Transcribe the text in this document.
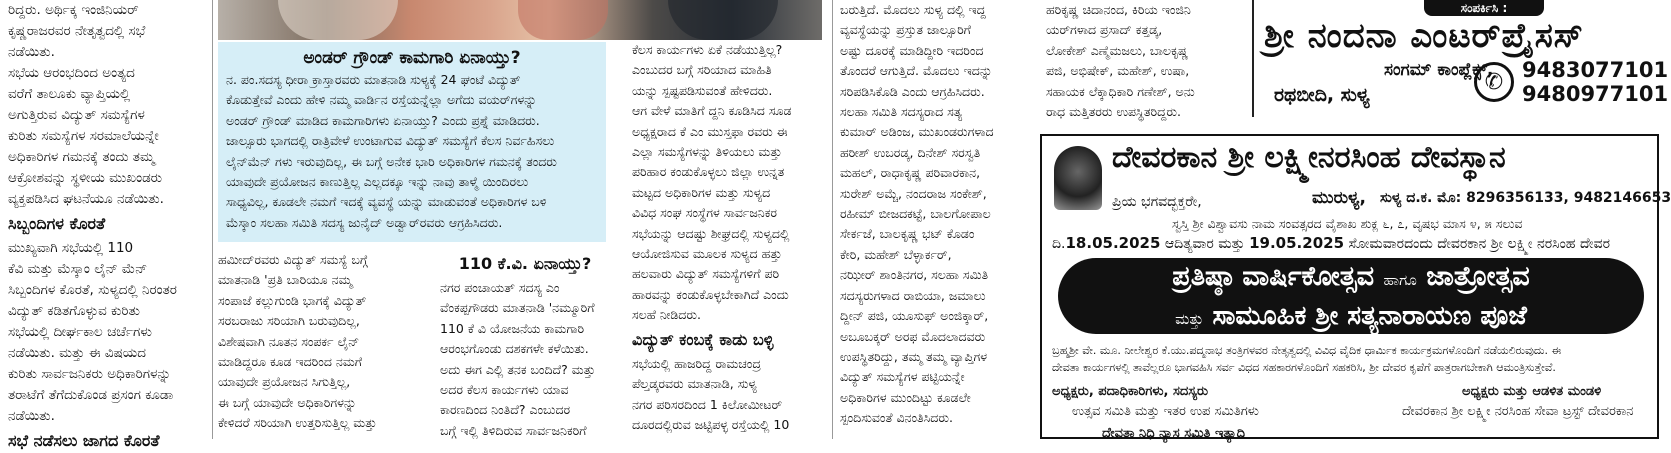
ರಿದ್ದರು. ಅರ್ಥಿಕ್ಕ ಇಂಜಿನಿಯರ್
ಕೃಷ್ಣರಾಜರವರ ನೇತೃತ್ವದಲ್ಲಿ ಸಭೆ
ನಡೆಯಿತು.
ಸಭೆಯ ಆರಂಭದಿಂದ ಅಂತ್ಯದ
ವರೆಗೆ ತಾಲೂಕು ವ್ಯಾಪ್ತಿಯಲ್ಲಿ
ಅಗುತ್ತಿರುವ ವಿದ್ಯುತ್ ಸಮಸ್ಯೆಗಳ
ಕುರಿತು ಸಮಸ್ಯೆಗಳ ಸರಮಾಲೆಯನ್ನೇ
ಅಧಿಕಾರಿಗಳ ಗಮನಕ್ಕೆ ತಂದು ತಮ್ಮ
ಆಕ್ರೋಶವನ್ನು ಸ್ಥಳೀಯ ಮುಖಂಡರು
ವ್ಯಕ್ತಪಡಿಸಿದ ಘಟನೆಯೂ ನಡೆಯಿತು.
ಸಿಬ್ಬಂದಿಗಳ ಕೊರತೆ
ಮುಖ್ಯವಾಗಿ ಸಭೆಯಲ್ಲಿ 110
ಕೆವಿ ಮತ್ತು ಮೆಸ್ಕಾಂ ಲೈನ್ ಮೆನ್
ಸಿಬ್ಬಂದಿಗಳ ಕೊರತೆ, ಸುಳ್ಯದಲ್ಲಿ ನಿರಂತರ
ವಿದ್ಯುತ್ ಕಡಿತಗೊಳ್ಳುವ ಕುರಿತು
ಸಭೆಯಲ್ಲಿ ದೀರ್ಘಕಾಲ ಚರ್ಚೆಗಳು
ನಡೆಯಿತು. ಮತ್ತು ಈ ವಿಷಯದ
ಕುರಿತು ಸಾರ್ವಜನಿಕರು ಅಧಿಕಾರಿಗಳನ್ನು
ತರಾಟೆಗೆ ತೆಗೆದುಕೊಂಡ ಪ್ರಸಂಗ ಕೂಡಾ
ನಡೆಯಿತು.
ಸಭೆ ನಡೆಸಲು ಜಾಗದ ಕೊರತೆ
ಅಂಡರ್ ಗ್ರೌಂಡ್ ಕಾಮಗಾರಿ ಏನಾಯ್ತು?
ನ. ಪಂ.ಸದಸ್ಯ ಧೀರಾ ಕ್ರಾಸ್ತಾರವರು ಮಾತನಾಡಿ ಸುಳ್ಯಕ್ಕೆ 24 ಘಂಟೆ ವಿದ್ಯುತ್
ಕೊಡುತ್ತೇವೆ ಎಂದು ಹೇಳಿ ನಮ್ಮ ವಾರ್ಡಿನ ರಸ್ತೆಯನ್ನೆಲ್ಲಾ ಅಗೆದು ವಯರ್‌ಗಳನ್ನು
ಅಂಡರ್ ಗ್ರೌಂಡ್ ಮಾಡಿದ ಕಾಮಗಾರಿಗಳು ಏನಾಯ್ತು? ಎಂದು ಪ್ರಶ್ನೆ ಮಾಡಿದರು.
ಜಾಲ್ಸೂರು ಭಾಗದಲ್ಲಿ ರಾತ್ರಿವೇಳೆ ಉಂಟಾಗುವ ವಿದ್ಯುತ್ ಸಮಸ್ಯೆಗೆ ಕೆಲಸ ನಿರ್ವಹಿಸಲು
ಲೈನ್‌ಮೆನ್ ಗಳು ಇರುವುದಿಲ್ಲ, ಈ ಬಗ್ಗೆ ಅನೇಕ ಭಾರಿ ಅಧಿಕಾರಿಗಳ ಗಮನಕ್ಕೆ ತಂದರು
ಯಾವುದೇ ಪ್ರಯೋಜನ ಕಾಣುತ್ತಿಲ್ಲ ಎಲ್ಲದಕ್ಕೂ ಇನ್ನು ನಾವು ತಾಳ್ಮೆ ಯಿಂದಿರಲು
ಸಾಧ್ಯವಿಲ್ಲ, ಕೂಡಲೇ ನಮಗೆ ಇದಕ್ಕೆ ವ್ಯವಸ್ಥೆ ಯನ್ನು ಮಾಡುವಂತೆ ಅಧಿಕಾರಿಗಳ ಬಳಿ
ಮೆಸ್ಕಾಂ ಸಲಹಾ ಸಮಿತಿ ಸದಸ್ಯ ಜುನೈದ್ ಅಡ್ವಾರ್‌ರವರು ಆಗ್ರಹಿಸಿದರು.
ಹಮೀದ್‌ರವರು ವಿದ್ಯುತ್ ಸಮಸ್ಯೆ ಬಗ್ಗೆ
ಮಾತನಾಡಿ 'ಪ್ರತಿ ಬಾರಿಯೂ ನಮ್ಮ
ಸಂಪಾಜೆ ಕಲ್ಲುಗುಂಡಿ ಭಾಗಕ್ಕೆ ವಿದ್ಯುತ್
ಸರಬರಾಜು ಸರಿಯಾಗಿ ಬರುವುದಿಲ್ಲ,
ವಿಶೇಷವಾಗಿ ನೂತನ ಸಂಪರ್ಕ ಲೈನ್
ಮಾಡಿದ್ದರೂ ಕೂಡ ಇದರಿಂದ ನಮಗೆ
ಯಾವುದೇ ಪ್ರಯೋಜನ ಸಿಗುತ್ತಿಲ್ಲ,
ಈ ಬಗ್ಗೆ ಯಾವುದೇ ಅಧಿಕಾರಿಗಳನ್ನು
ಕೇಳಿದರೆ ಸರಿಯಾಗಿ ಉತ್ತರಿಸುತ್ತಿಲ್ಲ ಮತ್ತು
110 ಕೆ.ವಿ. ಏನಾಯ್ತು?
ನಗರ ಪಂಚಾಯತ್ ಸದಸ್ಯ ಎಂ
ವೆಂಕಪ್ಪಗೌಡರು ಮಾತನಾಡಿ 'ನಮ್ಮೂರಿಗೆ
110 ಕೆ ವಿ ಯೋಜನೆಯ ಕಾಮಗಾರಿ
ಆರಂಭಗೊಂಡು ದಶಕಗಳೇ ಕಳೆಯಿತು.
ಅದು ಈಗ ಎಲ್ಲಿ ತನಕ ಬಂದಿದೆ? ಮತ್ತು
ಅದರ ಕೆಲಸ ಕಾರ್ಯಗಳು ಯಾವ
ಕಾರಣದಿಂದ ನಿಂತಿದೆ? ಎಂಬುದರ
ಬಗ್ಗೆ ಇಲ್ಲಿ ತಿಳಿದಿರುವ ಸಾರ್ವಜನಿಕರಿಗೆ
ಕೆಲಸ ಕಾರ್ಯಗಳು ಏಕೆ ನಡೆಯುತ್ತಿಲ್ಲ?
ಎಂಬುದರ ಬಗ್ಗೆ ಸರಿಯಾದ ಮಾಹಿತಿ
ಯನ್ನು ಸ್ಪಷ್ಟಪಡಿಸುವಂತೆ ಹೇಳಿದರು.
ಆಗ ವೇಳೆ ಮಾತಿಗೆ ದ್ದನಿ ಕೂಡಿಸಿದ ಸೂಡ
ಅಧ್ಯಕ್ಷರಾದ ಕೆ ಎಂ ಮುಸ್ತಫಾ ರವರು ಈ
ಎಲ್ಲಾ ಸಮಸ್ಯೆಗಳನ್ನು ತಿಳಿಯಲು ಮತ್ತು
ಪರಿಹಾರ ಕಂಡುಕೊಳ್ಳಲು ಜಿಲ್ಲಾ ಉನ್ನತ
ಮಟ್ಟದ ಅಧಿಕಾರಿಗಳ ಮತ್ತು ಸುಳ್ಯದ
ವಿವಿಧ ಸಂಘ ಸಂಸ್ಥೆಗಳ ಸಾರ್ವಜನಿಕರ
ಸಭೆಯನ್ನು ಆದಷ್ಟು ಶೀಘ್ರದಲ್ಲಿ ಸುಳ್ಯದಲ್ಲಿ
ಆಯೋಜಿಸುವ ಮೂಲಕ ಸುಳ್ಯದ ಹತ್ತು
ಹಲವಾರು ವಿದ್ಯುತ್ ಸಮಸ್ಯೆಗಳಿಗೆ ಪರಿ
ಹಾರವನ್ನು ಕಂಡುಕೊಳ್ಳಬೇಕಾಗಿದೆ ಎಂದು
ಸಲಹೆ ನೀಡಿದರು.
ವಿದ್ಯುತ್ ಕಂಬಕ್ಕೆ ಕಾಡು ಬಳ್ಳಿ
ಸಭೆಯಲ್ಲಿ ಹಾಜರಿದ್ದ ರಾಮಚಂದ್ರ
ಪೆಲ್ತಡ್ಕರವರು ಮಾತನಾಡಿ, ಸುಳ್ಯ
ನಗರ ಪರಿಸರದಿಂದ 1 ಕಿಲೋಮೀಟರ್
ದೂರದಲ್ಲಿರುವ ಜಟ್ಟಿಪಳ್ಳ ರಸ್ತೆಯಲ್ಲಿ 10
ಬರುತ್ತಿದೆ. ಮೊದಲು ಸುಳ್ಯ ದಲ್ಲಿ ಇದ್ದ
ವ್ಯವಸ್ಥೆಯನ್ನು ಪ್ರಸ್ತುತ ಜಾಲ್ಸೂರಿಗೆ
ಅಷ್ಟು ದೂರಕ್ಕೆ ಮಾಡಿದ್ದೀರಿ ಇದರಿಂದ
ತೊಂದರೆ ಆಗುತ್ತಿದೆ. ಮೊದಲು ಇದನ್ನು
ಸರಿಪಡಿಸಿಕೊಡಿ ಎಂದು ಆಗ್ರಹಿಸಿದರು.
ಸಲಹಾ ಸಮಿತಿ ಸದಸ್ಯರಾದ ಸತ್ಯ
ಕುಮಾರ್ ಅಡಿಂಜ, ಮುಖಂಡರುಗಳಾದ
ಹರೀಶ್ ಉಬರಡ್ಕ, ದಿನೇಶ್ ಸರಸ್ವತಿ
ಮಹಲ್, ರಾಧಾಕೃಷ್ಣ ಪರಿವಾರಕಾನ,
ಸುರೇಶ್ ಅಮ್ಚೆ, ನಂದರಾಜ ಸಂಕೇಶ್,
ರಹೀಮ್ ಬೀಜದಕಟ್ಟೆ, ಬಾಲಗೋಪಾಲ
ಸೇರ್ಕಜೆ, ಬಾಲಕೃಷ್ಣ ಭಟ್ ಕೊಡಂ
ಕೇರಿ, ಮಹೇಶ್ ಬೆಳ್ಳಾರ್ಕರ್,
ನಝೀರ್ ಶಾಂತಿನಗರ, ಸಲಹಾ ಸಮಿತಿ
ಸದಸ್ಯರುಗಳಾದ ರಾಬಿಯಾ, ಜಮಾಲು
ದ್ದೀನ್ ಪಜಿ, ಯೂಸುಫ್ ಅಂಜಿಕ್ಕಾರ್,
ಅಬೂಬಕ್ಕರ್ ಅರಫ ಮೊದಲಾದವರು
ಉಪಸ್ಥಿತರಿದ್ದು, ತಮ್ಮ ತಮ್ಮ ವ್ಯಾಪ್ತಿಗಳ
ವಿದ್ಯುತ್ ಸಮಸ್ಯೆಗಳ ಪಟ್ಟಿಯನ್ನೇ
ಅಧಿಕಾರಿಗಳ ಮುಂದಿಟ್ಟು ಕೂಡಲೇ
ಸ್ಪಂದಿಸುವಂತೆ ವಿನಂತಿಸಿದರು.
ಹರಿಕೃಷ್ಣ ಚಿದಾನಂದ, ಕಿರಿಯ ಇಂಜಿನಿ
ಯರ್‌ಗಳಾದ ಪ್ರಸಾದ್ ಕತ್ತಡ್ಕ,
ಲೋಕೇಶ್ ಎಣ್ಮೆಮಜಲು, ಬಾಲಕೃಷ್ಣ
ಪಜಿ, ಅಭಿಷೇಕ್, ಮಹೇಶ್, ಉಷಾ,
ಸಹಾಯಕ ಲೆಕ್ಕಾಧಿಕಾರಿ ಗಣೇಶ್, ಅನು
ರಾಧ ಮತ್ತಿತರರು ಉಪಸ್ಥಿತರಿದ್ದರು.
ಸಂಪರ್ಕಿಸಿ :
ಶ್ರೀ ನಂದನಾ ಎಂಟರ್‌ಪ್ರೈಸಸ್
ರಥಬೀದಿ, ಸುಳ್ಯ
ಸಂಗಮ್ ಕಾಂಪ್ಲೆಕ್ಸ್,
✆ 9483077101
9480977101
ದೇವರಕಾನ ಶ್ರೀ ಲಕ್ಷ್ಮೀನರಸಿಂಹ ದೇವಸ್ಥಾನ
ಪ್ರಿಯ ಭಗವದ್ಭಕ್ತರೇ,	ಮುರುಳ್ಯ, ಸುಳ್ಯ ದ.ಕ. ಮೊ: 8296356133, 9482146653
ಸ್ವಸ್ತಿ ಶ್ರೀ ವಿಶ್ವಾವಸು ನಾಮ ಸಂವತ್ಸರದ ವೈಶಾಖ ಶುಕ್ಲ ೬, ೭, ವೃಷಭ ಮಾಸ ೪, ೫ ಸಲುವ
ದಿ.18.05.2025 ಆದಿತ್ಯವಾರ ಮತ್ತು 19.05.2025 ಸೋಮವಾರದಂದು ದೇವರಕಾನ ಶ್ರೀ ಲಕ್ಷ್ಮೀ ನರಸಿಂಹ ದೇವರ
ಪ್ರತಿಷ್ಠಾ ವಾರ್ಷಿಕೋತ್ಸವ ಹಾಗೂ ಜಾತ್ರೋತ್ಸವ
ಮತ್ತು ಸಾಮೂಹಿಕ ಶ್ರೀ ಸತ್ಯನಾರಾಯಣ ಪೂಜೆ
ಬ್ರಹ್ಮಶ್ರೀ ವೇ. ಮೂ. ನೀಲೇಶ್ವರ ಕೆ.ಯು.ಪದ್ಮನಾಭ ತಂತ್ರಿಗಳವರ ನೇತೃತ್ವದಲ್ಲಿ ವಿವಿಧ ವೈದಿಕ ಧಾರ್ಮಿಕ ಕಾರ್ಯಕ್ರಮಗಳೊಂದಿಗೆ ನಡೆಯಲಿರುವುದು. ಈ
ದೇವತಾ ಕಾರ್ಯಗಳಲ್ಲಿ ತಾವೆಲ್ಲರೂ ಭಾಗವಹಿಸಿ ಸರ್ವ ವಿಧದ ಸಹಕಾರಗಳೊಂದಿಗೆ ಸಹಕರಿಸಿ, ಶ್ರೀ ದೇವರ ಕೃಪೆಗೆ ಪಾತ್ರರಾಗಬೇಕಾಗಿ ಆಮಂತ್ರಿಸುತ್ತೇವೆ.
ಅಧ್ಯಕ್ಷರು, ಪದಾಧಿಕಾರಿಗಳು, ಸದಸ್ಯರು	ಅಧ್ಯಕ್ಷರು ಮತ್ತು ಆಡಳಿತ ಮಂಡಳಿ
ಉತ್ಸವ ಸಮಿತಿ ಮತ್ತು ಇತರ ಉಪ ಸಮಿತಿಗಳು	ದೇವರಕಾನ ಶ್ರೀ ಲಕ್ಷ್ಮೀ ನರಸಿಂಹ ಸೇವಾ ಟ್ರಸ್ಟ್ ದೇವರಕಾನ
ದೇವತಾ ನಿಧಿ ನ್ಯಾಸ ಸಮಿತಿ ಇತ್ಯಾದಿ
